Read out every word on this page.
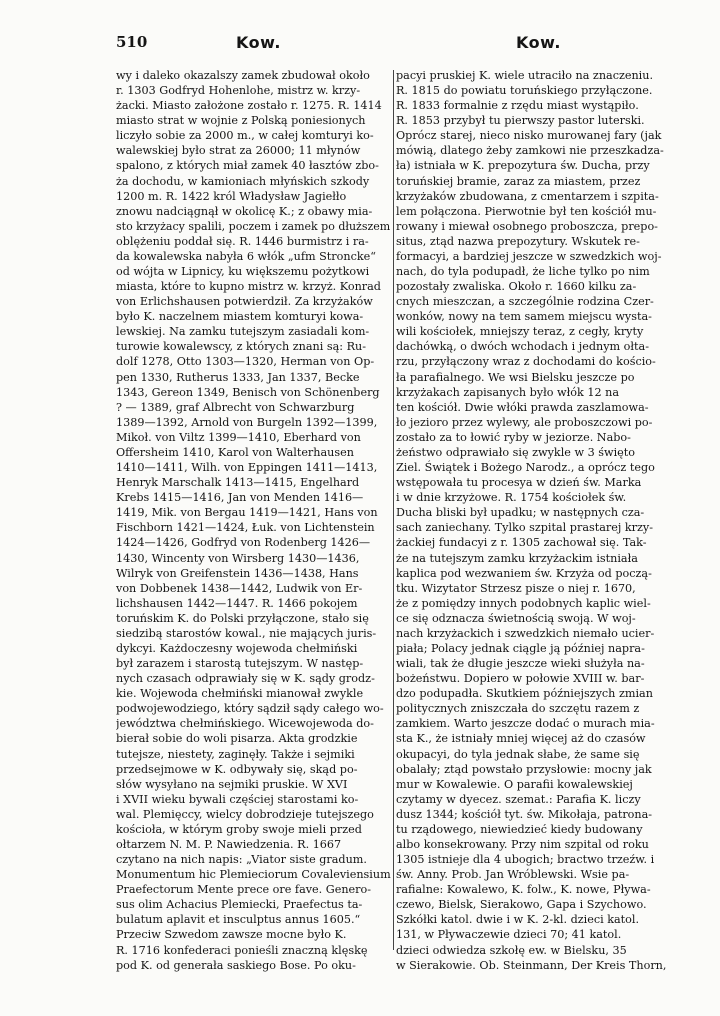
510	Kow.	Kow.
wy i daleko okazalszy zamek zbudował około
r. 1303 Godfryd Hohenlohe, mistrz w. krzy-
żacki. Miasto założone zostało r. 1275. R. 1414
miasto strat w wojnie z Polską poniesionych
liczyło sobie za 2000 m., w całej komturyi ko-
walewskiej było strat za 26000; 11 młynów
spalono, z których miał zamek 40 łasztów zbo-
ża dochodu, w kamioniach młyńskich szkody
1200 m. R. 1422 król Władysław Jagiełło
znowu nadciągnął w okolicę K.; z obawy mia-
sto krzyżacy spalili, poczem i zamek po dłuższem
oblężeniu poddał się. R. 1446 burmistrz i ra-
da kowalewska nabyła 6 włók „ufm Stroncke“
od wójta w Lipnicy, ku większemu pożytkowi
miasta, które to kupno mistrz w. krzyż. Konrad
von Erlichshausen potwierdził. Za krzyżaków
było K. naczelnem miastem komturyi kowa-
lewskiej. Na zamku tutejszym zasiadali kom-
turowie kowalewscy, z których znani są: Ru-
dolf 1278, Otto 1303—1320, Herman von Op-
pen 1330, Rutherus 1333, Jan 1337, Becke
1343, Gereon 1349, Benisch von Schönenberg
? — 1389, graf Albrecht von Schwarzburg
1389—1392, Arnold von Burgeln 1392—1399,
Mikoł. von Viltz 1399—1410, Eberhard von
Offersheim 1410, Karol von Walterhausen
1410—1411, Wilh. von Eppingen 1411—1413,
Henryk Marschalk 1413—1415, Engelhard
Krebs 1415—1416, Jan von Menden 1416—
1419, Mik. von Bergau 1419—1421, Hans von
Fischborn 1421—1424, Łuk. von Lichtenstein
1424—1426, Godfryd von Rodenberg 1426—
1430, Wincenty von Wirsberg 1430—1436,
Wilryk von Greifenstein 1436—1438, Hans
von Dobbenek 1438—1442, Ludwik von Er-
lichshausen 1442—1447. R. 1466 pokojem
toruńskim K. do Polski przyłączone, stało się
siedzibą starostów kowal., nie mających juris-
dykcyi. Każdoczesny wojewoda chełmiński
był zarazem i starostą tutejszym. W następ-
nych czasach odprawiały się w K. sądy grodz-
kie. Wojewoda chełmiński mianował zwykle
podwojewodziego, który sądził sądy całego wo-
jewództwa chełmińskiego. Wicewojewoda do-
bierał sobie do woli pisarza. Akta grodzkie
tutejsze, niestety, zaginęły. Także i sejmiki
przedsejmowe w K. odbywały się, skąd po-
słów wysyłano na sejmiki pruskie. W XVI
i XVII wieku bywali częściej starostami ko-
wal. Plemięccy, wielcy dobrodzieje tutejszego
kościoła, w którym groby swoje mieli przed
ołtarzem N. M. P. Nawiedzenia. R. 1667
czytano na nich napis: „Viator siste gradum.
Monumentum hic Plemieciorum Covaleviensium
Praefectorum Mente prece ore fave. Genero-
sus olim Achacius Plemiecki, Praefectus ta-
bulatum aplavit et insculptus annus 1605.“
Przeciw Szwedom zawsze mocne było K.
R. 1716 konfederaci ponieśli znaczną klęskę
pod K. od generała saskiego Bose. Po oku-
pacyi pruskiej K. wiele utraciło na znaczeniu.
R. 1815 do powiatu toruńskiego przyłączone.
R. 1833 formalnie z rzędu miast wystąpiło.
R. 1853 przybył tu pierwszy pastor luterski.
Oprócz starej, nieco nisko murowanej fary (jak
mówią, dlatego żeby zamkowi nie przeszkadza-
ła) istniała w K. prepozytura św. Ducha, przy
toruńskiej bramie, zaraz za miastem, przez
krzyżaków zbudowana, z cmentarzem i szpita-
lem połączona. Pierwotnie był ten kościół mu-
rowany i miewał osobnego proboszcza, prepo-
situs, ztąd nazwa prepozytury. Wskutek re-
formacyi, a bardziej jeszcze w szwedzkich woj-
nach, do tyla podupadł, że liche tylko po nim
pozostały zwaliska. Około r. 1660 kilku za-
cnych mieszczan, a szczególnie rodzina Czer-
wonków, nowy na tem samem miejscu wysta-
wili kościołek, mniejszy teraz, z cegły, kryty
dachówką, o dwóch wchodach i jednym ołta-
rzu, przyłączony wraz z dochodami do kościo-
ła parafialnego. We wsi Bielsku jeszcze po
krzyżakach zapisanych było włók 12 na
ten kościół. Dwie włóki prawda zaszlamowa-
ło jezioro przez wylewy, ale proboszczowi po-
zostało za to łowić ryby w jeziorze. Nabo-
żeństwo odprawiało się zwykle w 3 święto
Ziel. Świątek i Bożego Narodz., a oprócz tego
wstępowała tu procesya w dzień św. Marka
i w dnie krzyżowe. R. 1754 kościołek św.
Ducha bliski był upadku; w następnych cza-
sach zaniechany. Tylko szpital prastarej krzy-
żackiej fundacyi z r. 1305 zachował się. Tak-
że na tutejszym zamku krzyżackim istniała
kaplica pod wezwaniem św. Krzyża od począ-
tku. Wizytator Strzesz pisze o niej r. 1670,
że z pomiędzy innych podobnych kaplic wiel-
ce się odznacza świetnością swoją. W woj-
nach krzyżackich i szwedzkich niemało ucier-
piała; Polacy jednak ciągle ją później napra-
wiali, tak że długie jeszcze wieki służyła na-
bożeństwu. Dopiero w połowie XVIII w. bar-
dzo podupadła. Skutkiem późniejszych zmian
politycznych zniszczała do szczętu razem z
zamkiem. Warto jeszcze dodać o murach mia-
sta K., że istniały mniej więcej aż do czasów
okupacyi, do tyla jednak słabe, że same się
obalały; ztąd powstało przysłowie: mocny jak
mur w Kowalewie. O parafii kowalewskiej
czytamy w dyecez. szemat.: Parafia K. liczy
dusz 1344; kościół tyt. św. Mikołaja, patrona-
tu rządowego, niewiedzieć kiedy budowany
albo konsekrowany. Przy nim szpital od roku
1305 istnieje dla 4 ubogich; bractwo trzeźw. i
św. Anny. Prob. Jan Wróblewski. Wsie pa-
rafialne: Kowalewo, K. folw., K. nowe, Pływa-
czewo, Bielsk, Sierakowo, Gapa i Szychowo.
Szkółki katol. dwie i w K. 2-kl. dzieci katol.
131, w Pływaczewie dzieci 70; 41 katol.
dzieci odwiedza szkołę ew. w Bielsku, 35
w Sierakowie. Ob. Steinmann, Der Kreis Thorn,
